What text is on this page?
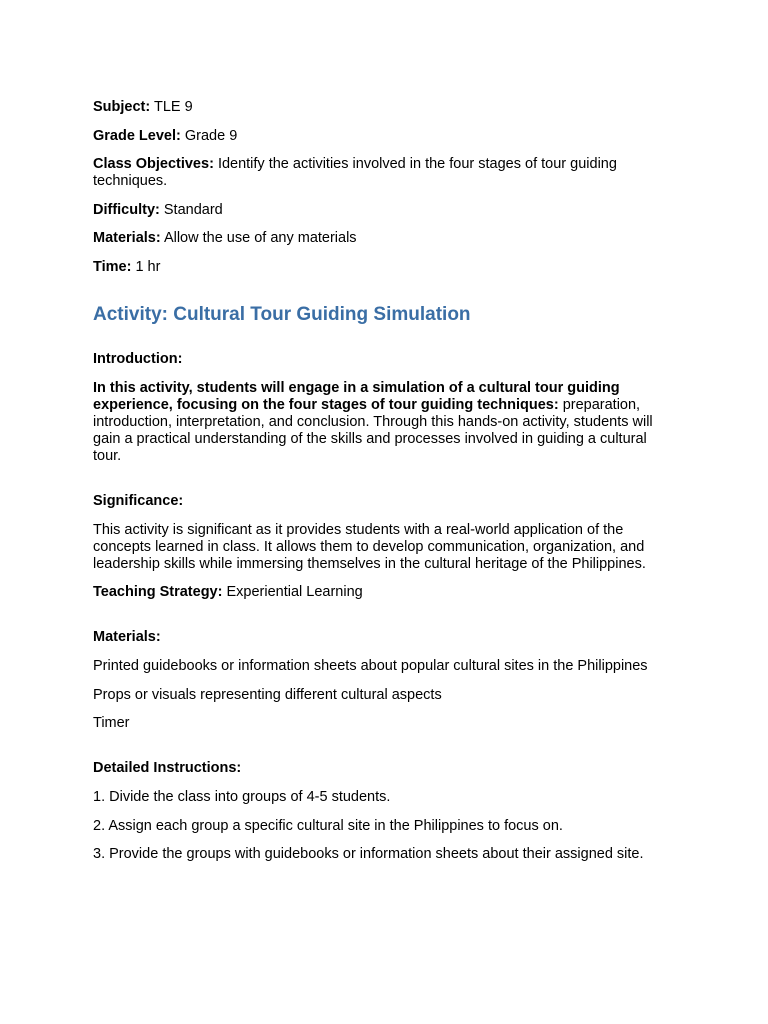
Subject: TLE 9

Grade Level: Grade 9

Class Objectives: Identify the activities involved in the four stages of tour guiding techniques.

Difficulty: Standard

Materials: Allow the use of any materials

Time: 1 hr

Activity: Cultural Tour Guiding Simulation

Introduction:

In this activity, students will engage in a simulation of a cultural tour guiding experience, focusing on the four stages of tour guiding techniques: preparation, introduction, interpretation, and conclusion. Through this hands-on activity, students will gain a practical understanding of the skills and processes involved in guiding a cultural tour.

Significance:

This activity is significant as it provides students with a real-world application of the concepts learned in class. It allows them to develop communication, organization, and leadership skills while immersing themselves in the cultural heritage of the Philippines.

Teaching Strategy: Experiential Learning

Materials:

Printed guidebooks or information sheets about popular cultural sites in the Philippines

Props or visuals representing different cultural aspects

Timer

Detailed Instructions:

1. Divide the class into groups of 4-5 students.

2. Assign each group a specific cultural site in the Philippines to focus on.

3. Provide the groups with guidebooks or information sheets about their assigned site.
